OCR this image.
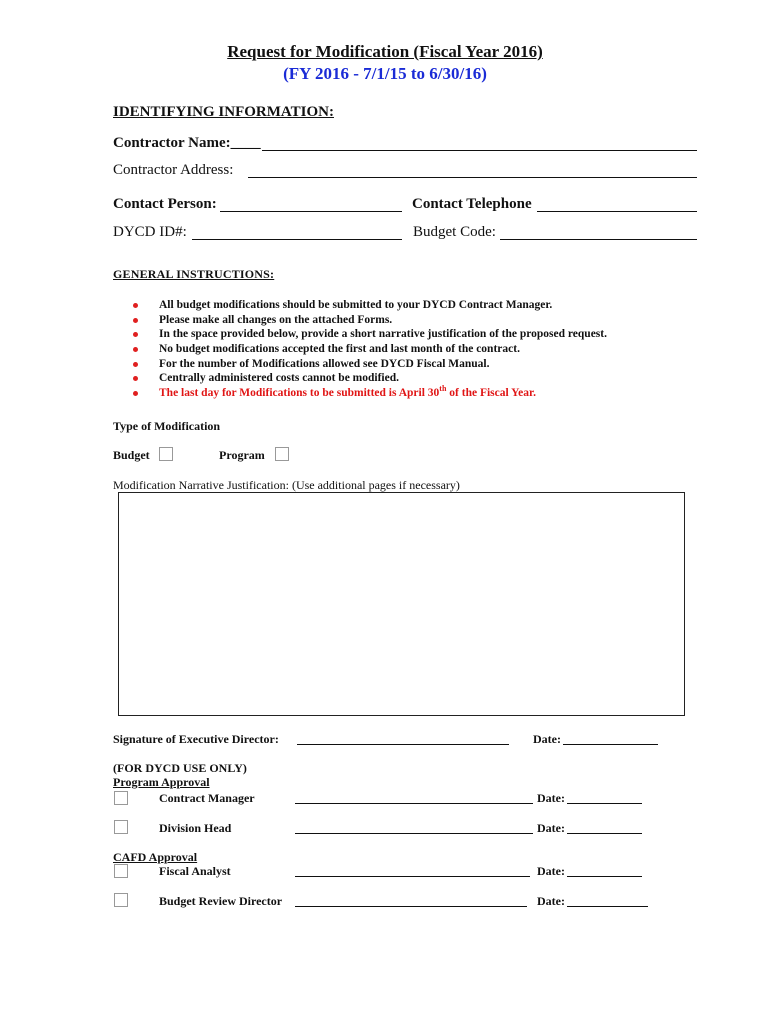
Request for Modification (Fiscal Year 2016)
(FY 2016 - 7/1/15 to 6/30/16)
IDENTIFYING INFORMATION:
Contractor Name:____
Contractor Address:
Contact Person:	Contact Telephone
DYCD ID#:	Budget Code:
GENERAL INSTRUCTIONS:
All budget modifications should be submitted to your DYCD Contract Manager.
Please make all changes on the attached Forms.
In the space provided below, provide a short narrative justification of the proposed request.
No budget modifications accepted the first and last month of the contract.
For the number of Modifications allowed see DYCD Fiscal Manual.
Centrally administered costs cannot be modified.
The last day for Modifications to be submitted is April 30th of the Fiscal Year.
Type of Modification
Budget	Program
Modification Narrative Justification: (Use additional pages if necessary)
Signature of Executive Director:	Date:
(FOR DYCD USE ONLY)
Program Approval
Contract Manager	Date:
Division Head	Date:
CAFD Approval
Fiscal Analyst	Date:
Budget Review Director	Date:
